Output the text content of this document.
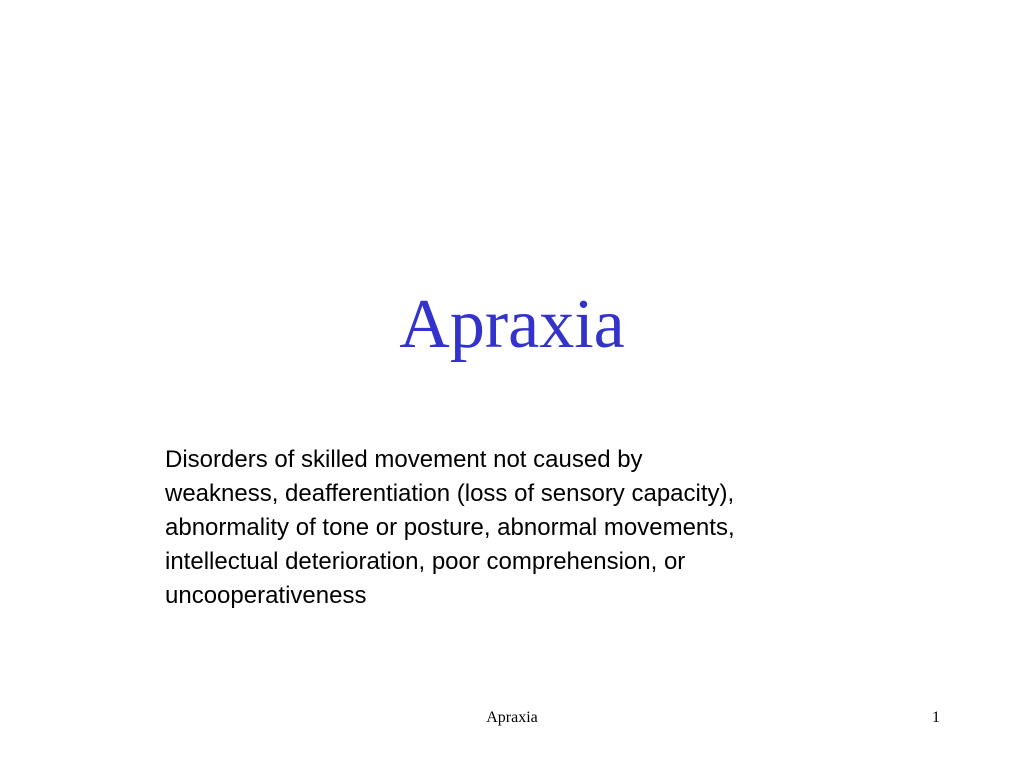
Apraxia

Disorders of skilled movement not caused by
weakness, deafferentiation (loss of sensory capacity),
abnormality of tone or posture, abnormal movements,
intellectual deterioration, poor comprehension, or
uncooperativeness

Apraxia	1
